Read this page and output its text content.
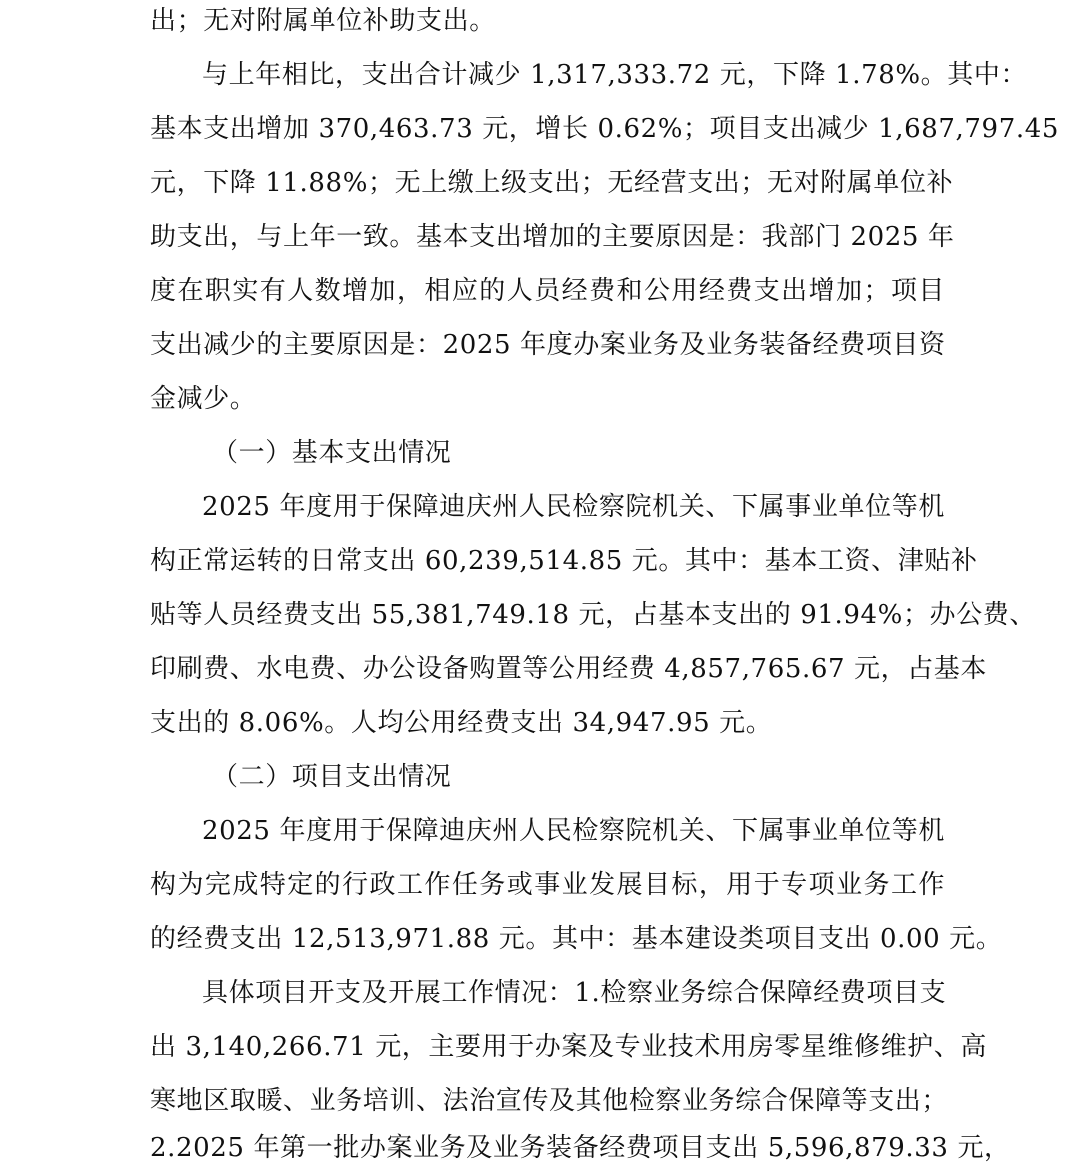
出；无对附属单位补助支出。
与上年相比，支出合计减少 1,317,333.72 元，下降 1.78%。其中：
基本支出增加 370,463.73 元，增长 0.62%；项目支出减少 1,687,797.45
元，下降 11.88%；无上缴上级支出；无经营支出；无对附属单位补
助支出，与上年一致。基本支出增加的主要原因是：我部门 2025 年
度在职实有人数增加，相应的人员经费和公用经费支出增加；项目
支出减少的主要原因是：2025 年度办案业务及业务装备经费项目资
金减少。
（一）基本支出情况
2025 年度用于保障迪庆州人民检察院机关、下属事业单位等机
构正常运转的日常支出 60,239,514.85 元。其中：基本工资、津贴补
贴等人员经费支出 55,381,749.18 元，占基本支出的 91.94%；办公费、
印刷费、水电费、办公设备购置等公用经费 4,857,765.67 元，占基本
支出的 8.06%。人均公用经费支出 34,947.95 元。
（二）项目支出情况
2025 年度用于保障迪庆州人民检察院机关、下属事业单位等机
构为完成特定的行政工作任务或事业发展目标，用于专项业务工作
的经费支出 12,513,971.88 元。其中：基本建设类项目支出 0.00 元。
具体项目开支及开展工作情况：1.检察业务综合保障经费项目支
出 3,140,266.71 元，主要用于办案及专业技术用房零星维修维护、高
寒地区取暖、业务培训、法治宣传及其他检察业务综合保障等支出；
2.2025 年第一批办案业务及业务装备经费项目支出 5,596,879.33 元，
